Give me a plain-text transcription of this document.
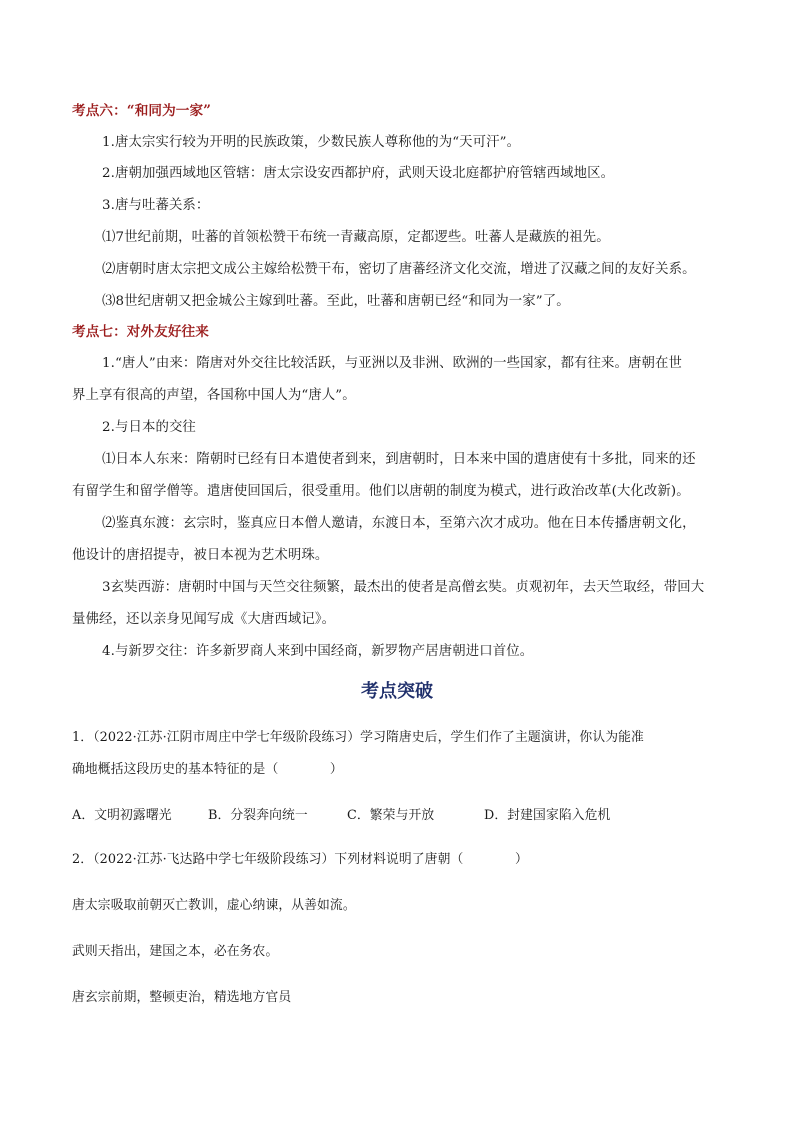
考点六：“和同为一家”
1.唐太宗实行较为开明的民族政策，少数民族人尊称他的为“天可汗”。
2.唐朝加强西域地区管辖：唐太宗设安西都护府，武则天设北庭都护府管辖西域地区。
3.唐与吐蕃关系：
⑴7世纪前期，吐蕃的首领松赞干布统一青藏高原，定都逻些。吐蕃人是藏族的祖先。
⑵唐朝时唐太宗把文成公主嫁给松赞干布，密切了唐蕃经济文化交流，增进了汉藏之间的友好关系。
⑶8世纪唐朝又把金城公主嫁到吐蕃。至此，吐蕃和唐朝已经“和同为一家”了。
考点七：对外友好往来
1.“唐人”由来：隋唐对外交往比较活跃，与亚洲以及非洲、欧洲的一些国家，都有往来。唐朝在世
界上享有很高的声望，各国称中国人为“唐人”。
2.与日本的交往
⑴日本人东来：隋朝时已经有日本遣使者到来，到唐朝时，日本来中国的遣唐使有十多批，同来的还
有留学生和留学僧等。遣唐使回国后，很受重用。他们以唐朝的制度为模式，进行政治改革(大化改新)。
⑵鉴真东渡：玄宗时，鉴真应日本僧人邀请，东渡日本，至第六次才成功。他在日本传播唐朝文化，
他设计的唐招提寺，被日本视为艺术明珠。
3玄奘西游：唐朝时中国与天竺交往频繁，最杰出的使者是高僧玄奘。贞观初年，去天竺取经，带回大
量佛经，还以亲身见闻写成《大唐西域记》。
4.与新罗交往：许多新罗商人来到中国经商，新罗物产居唐朝进口首位。
考点突破
1．（2022·江苏·江阴市周庄中学七年级阶段练习）学习隋唐史后，学生们作了主题演讲，你认为能准
确地概括这段历史的基本特征的是（　　　　）
A．文明初露曙光	B．分裂奔向统一	C．繁荣与开放	D．封建国家陷入危机
2．（2022·江苏·飞达路中学七年级阶段练习）下列材料说明了唐朝（　　　　）
唐太宗吸取前朝灭亡教训，虚心纳谏，从善如流。
武则天指出，建国之本，必在务农。
唐玄宗前期，整顿吏治，精选地方官员
